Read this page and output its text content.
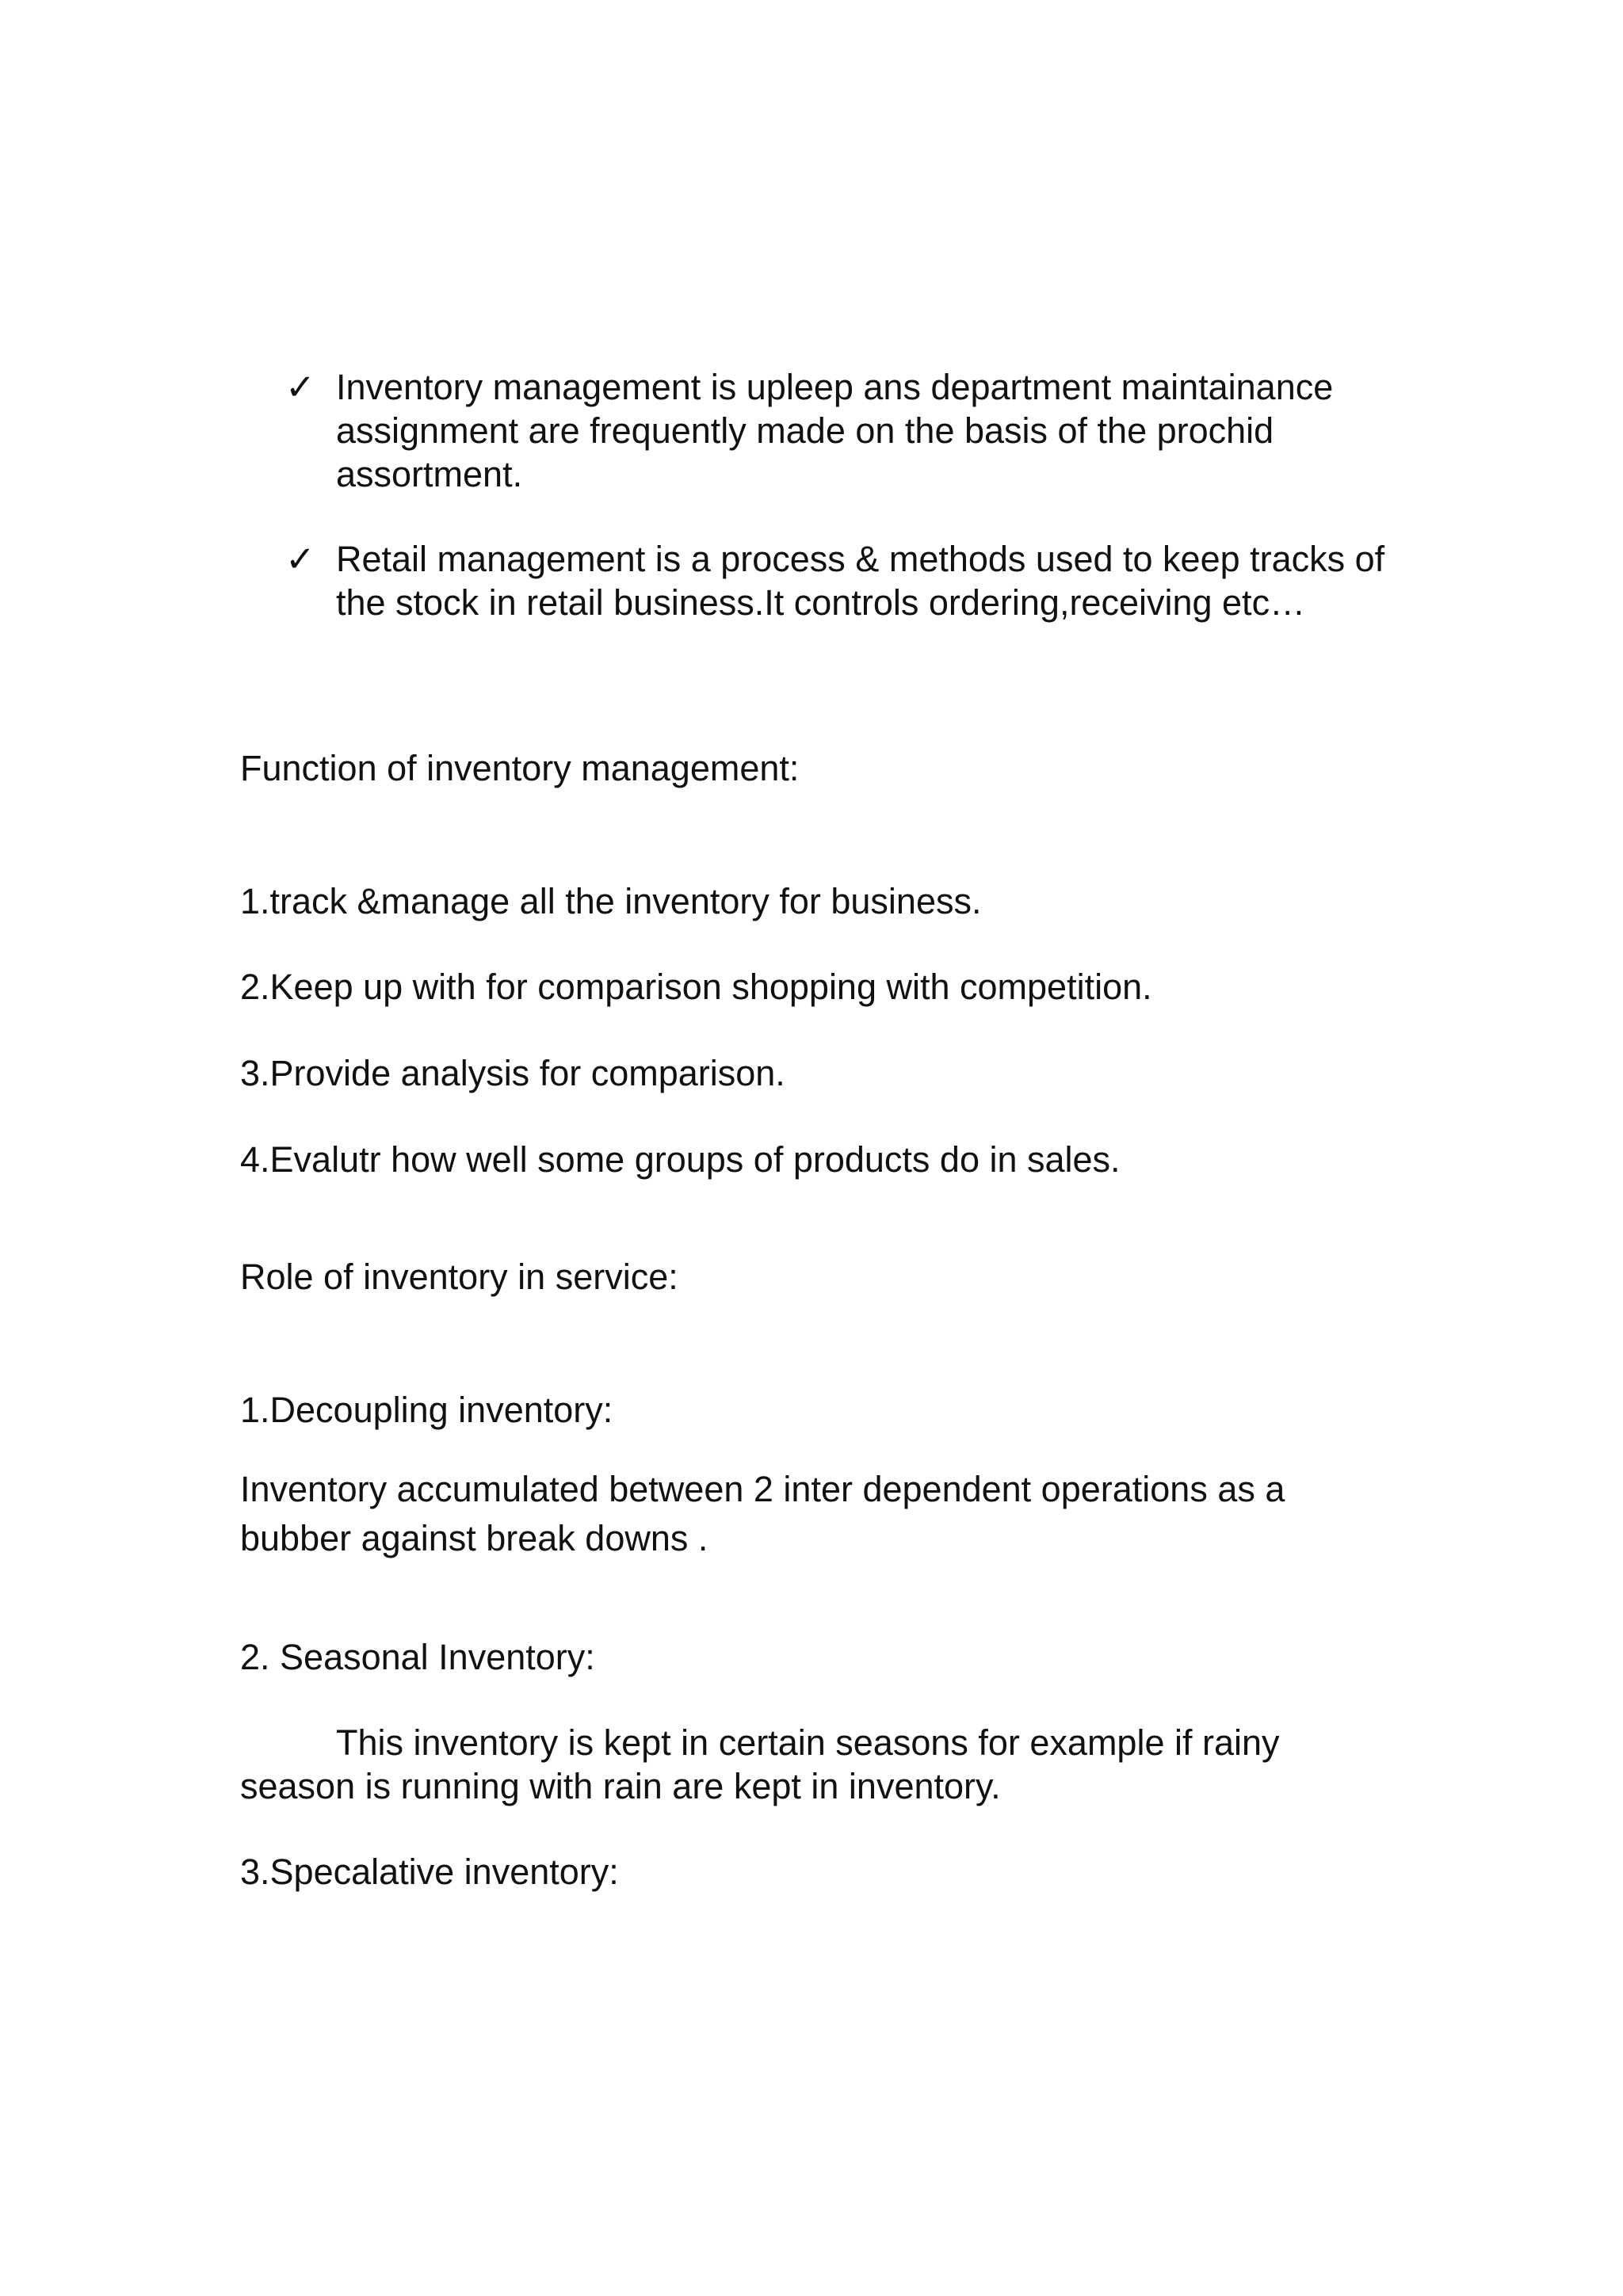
✓ Inventory management is upleep ans department maintainance assignment are frequently made on the basis of the prochid assortment.

✓ Retail management is a process & methods used to keep tracks of the stock in retail business.It controls ordering,receiving etc…

Function of inventory management:

1.track &manage all the inventory for business.

2.Keep up with for comparison shopping with competition.

3.Provide analysis for comparison.

4.Evalutr how well some groups of products do in sales.

Role of inventory in service:

1.Decoupling inventory:

Inventory accumulated between 2 inter dependent operations as a bubber against break downs .

2. Seasonal Inventory:

This inventory is kept in certain seasons for example if rainy season is running with rain are kept in inventory.

3.Specalative inventory:
